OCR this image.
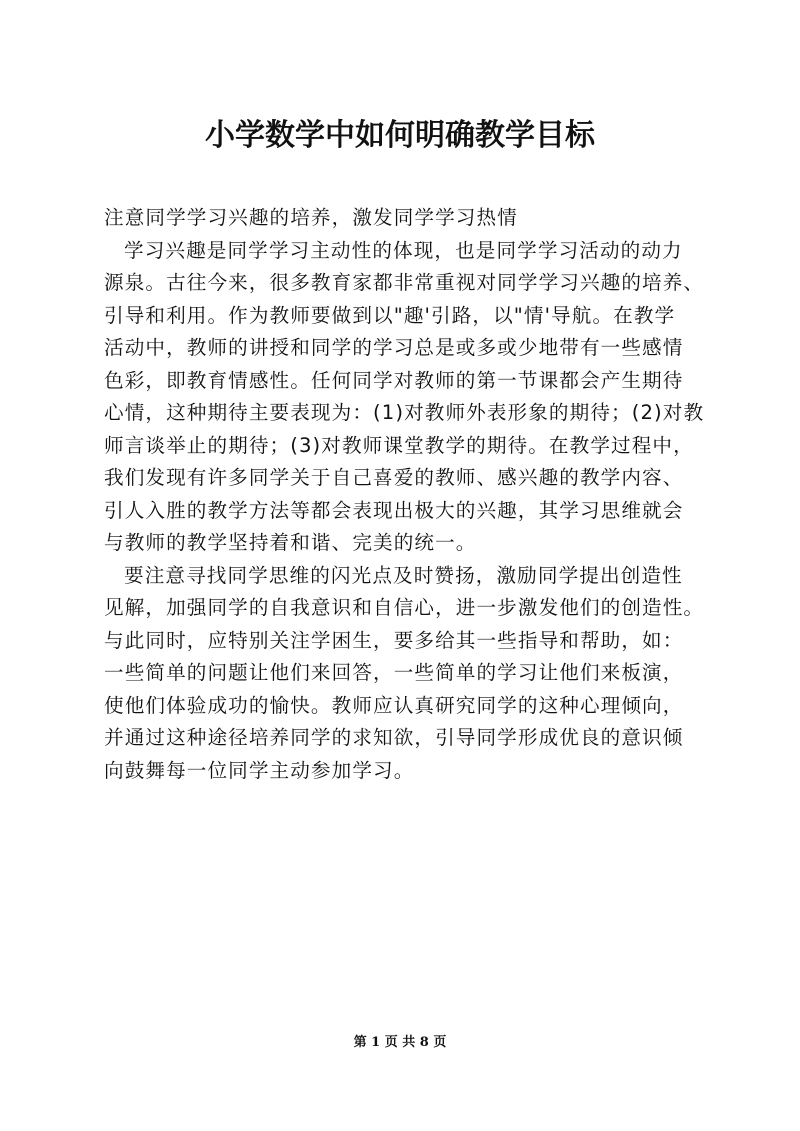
小学数学中如何明确教学目标

注意同学学习兴趣的培养，激发同学学习热情

学习兴趣是同学学习主动性的体现，也是同学学习活动的动力
源泉。古往今来，很多教育家都非常重视对同学学习兴趣的培养、
引导和利用。作为教师要做到以"趣'引路，以"情'导航。在教学
活动中，教师的讲授和同学的学习总是或多或少地带有一些感情
色彩，即教育情感性。任何同学对教师的第一节课都会产生期待
心情，这种期待主要表现为：(1)对教师外表形象的期待；(2)对教
师言谈举止的期待；(3)对教师课堂教学的期待。在教学过程中，
我们发现有许多同学关于自己喜爱的教师、感兴趣的教学内容、
引人入胜的教学方法等都会表现出极大的兴趣，其学习思维就会
与教师的教学坚持着和谐、完美的统一。

要注意寻找同学思维的闪光点及时赞扬，激励同学提出创造性
见解，加强同学的自我意识和自信心，进一步激发他们的创造性。
与此同时，应特别关注学困生，要多给其一些指导和帮助，如：
一些简单的问题让他们来回答，一些简单的学习让他们来板演，
使他们体验成功的愉快。教师应认真研究同学的这种心理倾向，
并通过这种途径培养同学的求知欲，引导同学形成优良的意识倾
向鼓舞每一位同学主动参加学习。

第 1 页 共 8 页
